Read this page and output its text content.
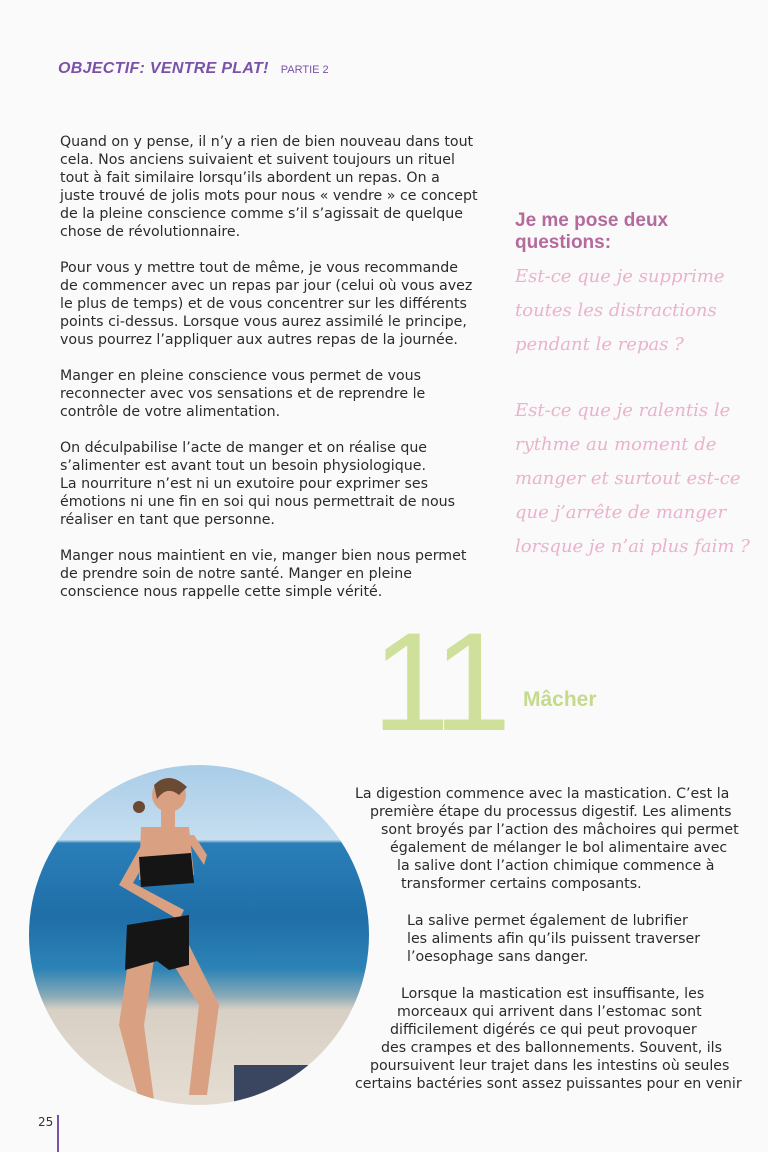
OBJECTIF: VENTRE PLAT! PARTIE 2

Quand on y pense, il n’y a rien de bien nouveau dans tout
cela. Nos anciens suivaient et suivent toujours un rituel
tout à fait similaire lorsqu’ils abordent un repas. On a
juste trouvé de jolis mots pour nous « vendre » ce concept
de la pleine conscience comme s’il s’agissait de quelque
chose de révolutionnaire.

Pour vous y mettre tout de même, je vous recommande
de commencer avec un repas par jour (celui où vous avez
le plus de temps) et de vous concentrer sur les différents
points ci-dessus. Lorsque vous aurez assimilé le principe,
vous pourrez l’appliquer aux autres repas de la journée.

Manger en pleine conscience vous permet de vous
reconnecter avec vos sensations et de reprendre le
contrôle de votre alimentation.

On déculpabilise l’acte de manger et on réalise que
s’alimenter est avant tout un besoin physiologique.
La nourriture n’est ni un exutoire pour exprimer ses
émotions ni une fin en soi qui nous permettrait de nous
réaliser en tant que personne.

Manger nous maintient en vie, manger bien nous permet
de prendre soin de notre santé. Manger en pleine
conscience nous rappelle cette simple vérité.

Je me pose deux questions:
Est-ce que je supprime
toutes les distractions
pendant le repas ?
Est-ce que je ralentis le
rythme au moment de
manger et surtout est-ce
que j’arrête de manger
lorsque je n’ai plus faim ?
11 Mâcher
La digestion commence avec la mastication. C’est la
première étape du processus digestif. Les aliments
sont broyés par l’action des mâchoires qui permet
également de mélanger le bol alimentaire avec
la salive dont l’action chimique commence à
transformer certains composants.
La salive permet également de lubrifier
les aliments afin qu’ils puissent traverser
l’oesophage sans danger.
Lorsque la mastication est insuffisante, les
morceaux qui arrivent dans l’estomac sont
difficilement digérés ce qui peut provoquer
des crampes et des ballonnements. Souvent, ils
poursuivent leur trajet dans les intestins où seules
certains bactéries sont assez puissantes pour en venir
25
